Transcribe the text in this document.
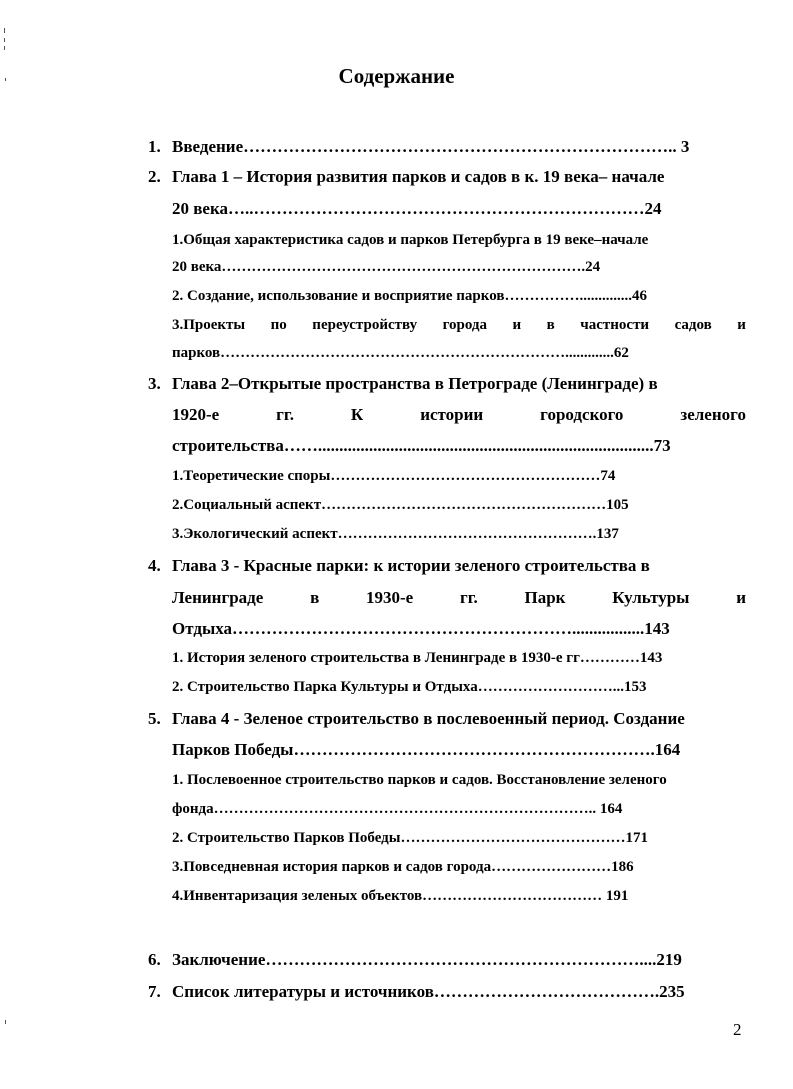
Содержание
1. Введение………………………………………………………………….. 3
2. Глава 1 – История развития парков и садов в к. 19 века– начале
20 века…..……………………………………………………………24
1.Общая характеристика садов и парков Петербурга в 19 веке–начале
20 века……………………………………………………………….24
2. Создание, использование и восприятие парков……………..............46
3.Проекты по переустройству города и в частности садов и
парков…………………………………………………………….............62
3. Глава 2–Открытые пространства в Петрограде (Ленинграде) в
1920-е	гг.	К	истории	городского	зеленого
строительства……...............................................................................73
1.Теоретические споры………………………………………………74
2.Социальный аспект…………………………………………………105
3.Экологический аспект…………………………………………….137
4. Глава 3 - Красные парки: к истории зеленого строительства в
Ленинграде	в	1930-е	гг.	Парк	Культуры	и
Отдыха…………………………………………………….................143
1. История зеленого строительства в Ленинграде в 1930-е гг…………143
2. Строительство Парка Культуры и Отдыха………………………...153
5. Глава 4 - Зеленое строительство в послевоенный период. Создание
Парков Победы……………………………………………………….164
1. Послевоенное строительство парков и садов. Восстановление зеленого
фонда………………………………………………………………….. 164
2. Строительство Парков Победы………………………………………171
3.Повседневная история парков и садов города……………………186
4.Инвентаризация зеленых объектов……………………………… 191
6. Заключение…………………………………………………………....219
7. Список литературы и источников………………………………….235
2
